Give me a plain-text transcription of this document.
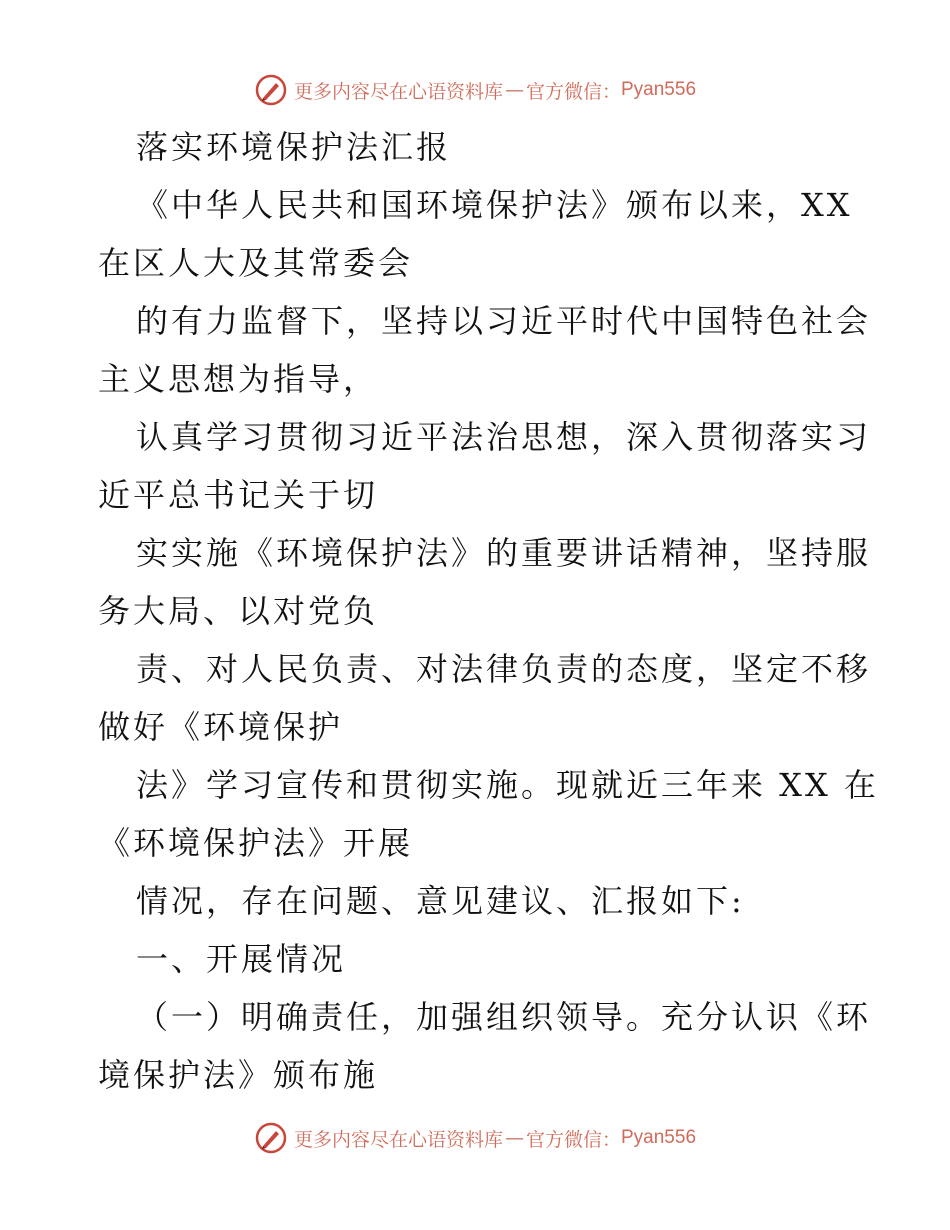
更多内容尽在心语资料库 — 官方微信： Pyan556
落实环境保护法汇报
《中华人民共和国环境保护法》颁布以来，XX
在区人大及其常委会
的有力监督下，坚持以习近平时代中国特色社会
主义思想为指导，
认真学习贯彻习近平法治思想，深入贯彻落实习
近平总书记关于切
实实施《环境保护法》的重要讲话精神，坚持服
务大局、以对党负
责、对人民负责、对法律负责的态度，坚定不移
做好《环境保护
法》学习宣传和贯彻实施。现就近三年来 XX 在
《环境保护法》开展
情况，存在问题、意见建议、汇报如下:
一、开展情况
（一）明确责任，加强组织领导。充分认识《环
境保护法》颁布施
更多内容尽在心语资料库 — 官方微信： Pyan556
